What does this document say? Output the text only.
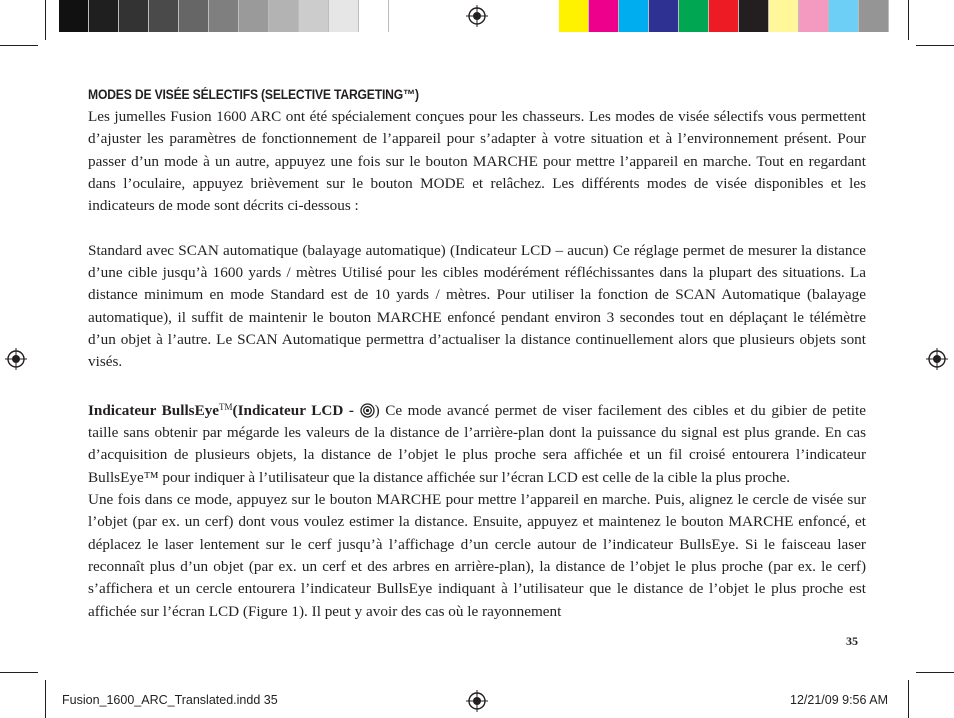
MODES DE VISÉE SÉLECTIFS (SELECTIVE TARGETING™)

Les jumelles Fusion 1600 ARC ont été spécialement conçues pour les chasseurs. Les modes de visée sélectifs vous permettent d’ajuster les paramètres de fonctionnement de l’appareil pour s’adapter à votre situation et à l’environnement présent. Pour passer d’un mode à un autre, appuyez une fois sur le bouton MARCHE pour mettre l’appareil en marche. Tout en regardant dans l’oculaire, appuyez brièvement sur le bouton MODE et relâchez. Les différents modes de visée disponibles et les indicateurs de mode sont décrits ci-dessous :

Standard avec SCAN automatique (balayage automatique) (Indicateur LCD – aucun) Ce réglage permet de mesurer la distance d’une cible jusqu’à 1600 yards / mètres Utilisé pour les cibles modérément réfléchissantes dans la plupart des situations. La distance minimum en mode Standard est de 10 yards / mètres. Pour utiliser la fonction de SCAN Automatique (balayage automatique), il suffit de maintenir le bouton MARCHE enfoncé pendant environ 3 secondes tout en déplaçant le télémètre d’un objet à l’autre. Le SCAN Automatique permettra d’actualiser la distance continuellement alors que plusieurs objets sont visés.

Indicateur BullsEye™(Indicateur LCD - ) Ce mode avancé permet de viser facilement des cibles et du gibier de petite taille sans obtenir par mégarde les valeurs de la distance de l’arrière-plan dont la puissance du signal est plus grande. En cas d’acquisition de plusieurs objets, la distance de l’objet le plus proche sera affichée et un fil croisé entourera l’indicateur BullsEye™ pour indiquer à l’utilisateur que la distance affichée sur l’écran LCD est celle de la cible la plus proche.

Une fois dans ce mode, appuyez sur le bouton MARCHE pour mettre l’appareil en marche. Puis, alignez le cercle de visée sur l’objet (par ex. un cerf) dont vous voulez estimer la distance. Ensuite, appuyez et maintenez le bouton MARCHE enfoncé, et déplacez le laser lentement sur le cerf jusqu’à l’affichage d’un cercle autour de l’indicateur BullsEye. Si le faisceau laser reconnaît plus d’un objet (par ex. un cerf et des arbres en arrière-plan), la distance de l’objet le plus proche (par ex. le cerf) s’affichera et un cercle entourera l’indicateur BullsEye indiquant à l’utilisateur que le distance de l’objet le plus proche est affichée sur l’écran LCD (Figure 1). Il peut y avoir des cas où le rayonnement

35
Fusion_1600_ARC_Translated.indd 35	12/21/09 9:56 AM
